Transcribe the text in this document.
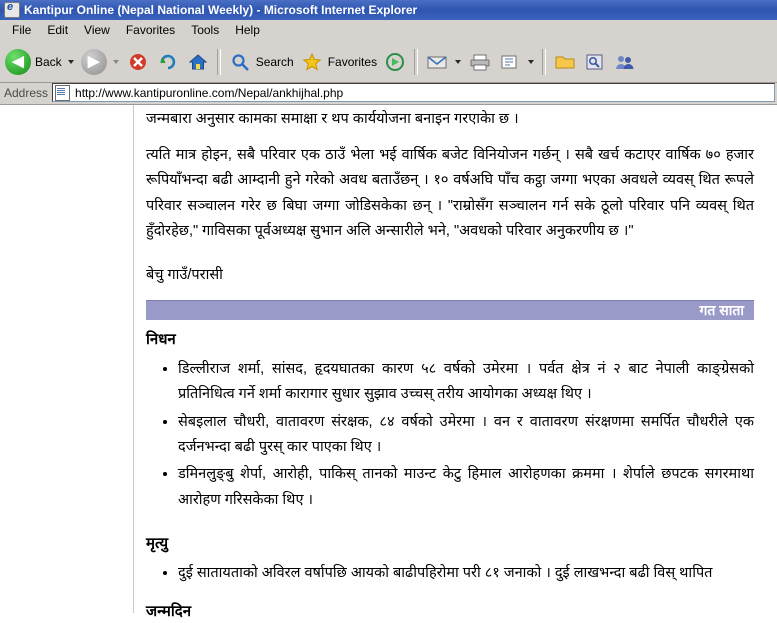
e
Kantipur Online (Nepal National Weekly) - Microsoft Internet Explorer
File	Edit	View	Favorites	Tools	Help
◀ Back ▶	Search	Favorites
Address
http://www.kantipuronline.com/Nepal/ankhijhal.php
जन्मबारा अनुसार कामका समाक्षा र थप कार्ययोजना बनाइन गरएाकेा छ ।

त्यति मात्र होइन, सबै परिवार एक ठाउँ भेला भई वार्षिक बजेट विनियोजन गर्छन् । सबै खर्च कटाएर वार्षिक ७० हजार रूपियाँभन्दा बढी आम्दानी हुने गरेको अवध बताउँछन् । १० वर्षअघि पाँच कट्ठा जग्गा भएका अवधले व्यवस् थित रूपले परिवार सञ्चालन गरेर छ बिघा जग्गा जोडिसकेका छन् । "राम्रोसँग सञ्चालन गर्न सके ठूलो परिवार पनि व्यवस् थित हुँदोरहेछ," गाविसका पूर्वअध्यक्ष सुभान अलि अन्सारीले भने, "अवधको परिवार अनुकरणीय छ ।"

बेचु गाउँ/परासी
गत साता
निधन
• डिल्लीराज शर्मा, सांसद, हृदयघातका कारण ५८ वर्षको उमेरमा । पर्वत क्षेत्र नं २ बाट नेपाली काङ्ग्रेसको प्रतिनिधित्व गर्ने शर्मा कारागार सुधार सुझाव उच्चस् तरीय आयोगका अध्यक्ष थिए ।
• सेबइलाल चौधरी, वातावरण संरक्षक, ८४ वर्षको उमेरमा । वन र वातावरण संरक्षणमा समर्पित चौधरीले एक दर्जनभन्दा बढी पुरस् कार पाएका थिए ।
• डमिनलुङ्बु शेर्पा, आरोही, पाकिस् तानको माउन्ट केटु हिमाल आरोहणका क्रममा । शेर्पाले छपटक सगरमाथा आरोहण गरिसकेका थिए ।
मृत्यु
• दुई सातायताको अविरल वर्षापछि आयको बाढीपहिरोमा परी ८१ जनाको । दुई लाखभन्दा बढी विस् थापित
जन्मदिन
